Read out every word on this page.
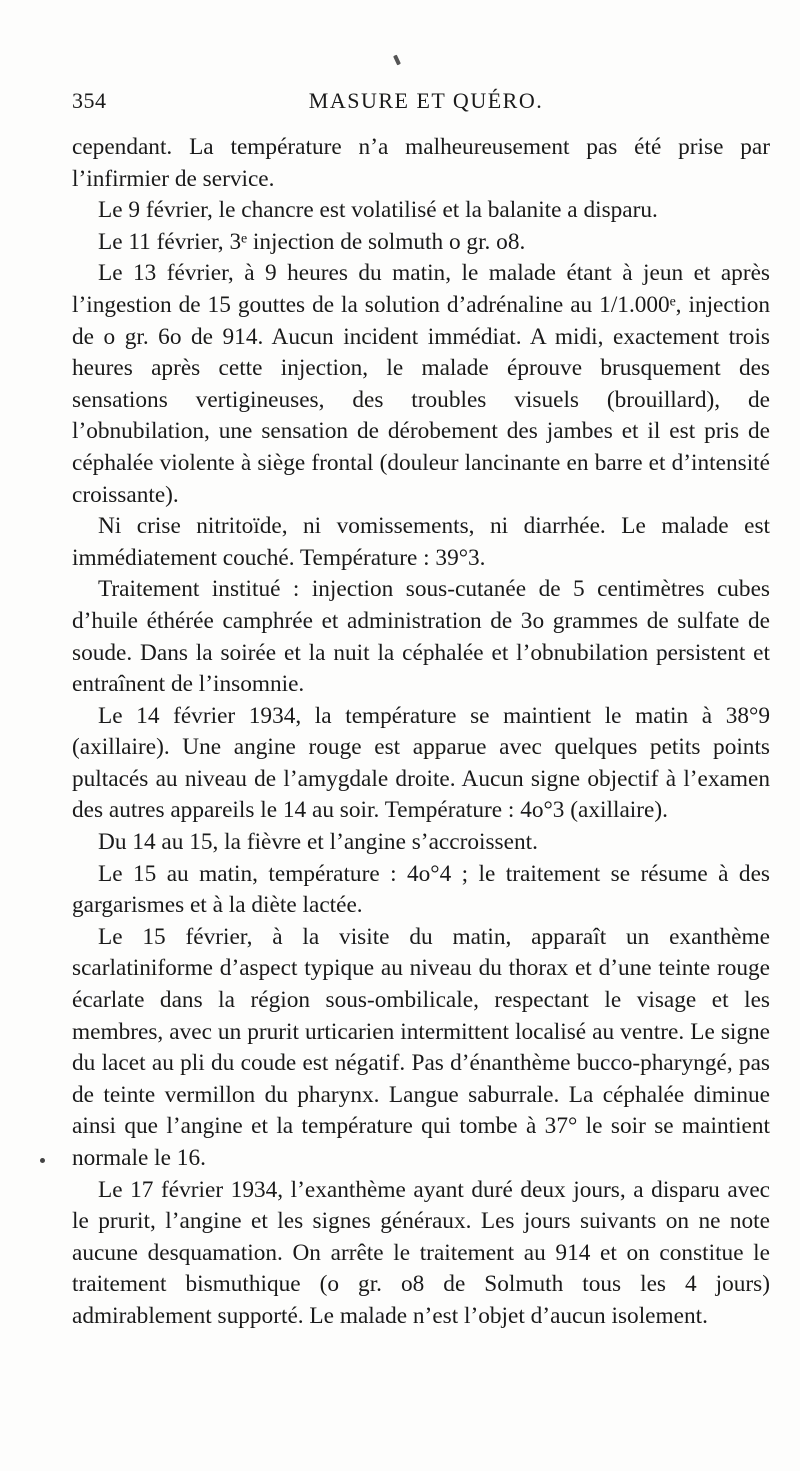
354	MASURE ET QUÉRO.

cependant. La température n’a malheureusement pas été prise par l’infirmier de service.

Le 9 février, le chancre est volatilisé et la balanite a disparu.

Le 11 février, 3ᵉ injection de solmuth o gr. o8.

Le 13 février, à 9 heures du matin, le malade étant à jeun et après l’ingestion de 15 gouttes de la solution d’adrénaline au 1/1.000ᵉ, injection de o gr. 6o de 914. Aucun incident immédiat. A midi, exactement trois heures après cette injection, le malade éprouve brusquement des sensations vertigineuses, des troubles visuels (brouillard), de l’obnubilation, une sensation de dérobement des jambes et il est pris de céphalée violente à siège frontal (douleur lancinante en barre et d’intensité croissante).

Ni crise nitritoïde, ni vomissements, ni diarrhée. Le malade est immédiatement couché. Température : 39°3.

Traitement institué : injection sous-cutanée de 5 centimètres cubes d’huile éthérée camphrée et administration de 3o grammes de sulfate de soude. Dans la soirée et la nuit la céphalée et l’obnubilation persistent et entraînent de l’insomnie.

Le 14 février 1934, la température se maintient le matin à 38°9 (axillaire). Une angine rouge est apparue avec quelques petits points pultacés au niveau de l’amygdale droite. Aucun signe objectif à l’examen des autres appareils le 14 au soir. Température : 4o°3 (axillaire).

Du 14 au 15, la fièvre et l’angine s’accroissent.

Le 15 au matin, température : 4o°4 ; le traitement se résume à des gargarismes et à la diète lactée.

Le 15 février, à la visite du matin, apparaît un exanthème scarlatiniforme d’aspect typique au niveau du thorax et d’une teinte rouge écarlate dans la région sous-ombilicale, respectant le visage et les membres, avec un prurit urticarien intermittent localisé au ventre. Le signe du lacet au pli du coude est négatif. Pas d’énanthème bucco-pharyngé, pas de teinte vermillon du pharynx. Langue saburrale. La céphalée diminue ainsi que l’angine et la température qui tombe à 37° le soir se maintient normale le 16.

Le 17 février 1934, l’exanthème ayant duré deux jours, a disparu avec le prurit, l’angine et les signes généraux. Les jours suivants on ne note aucune desquamation. On arrête le traitement au 914 et on constitue le traitement bismuthique (o gr. o8 de Solmuth tous les 4 jours) admirablement supporté. Le malade n’est l’objet d’aucun isolement.
